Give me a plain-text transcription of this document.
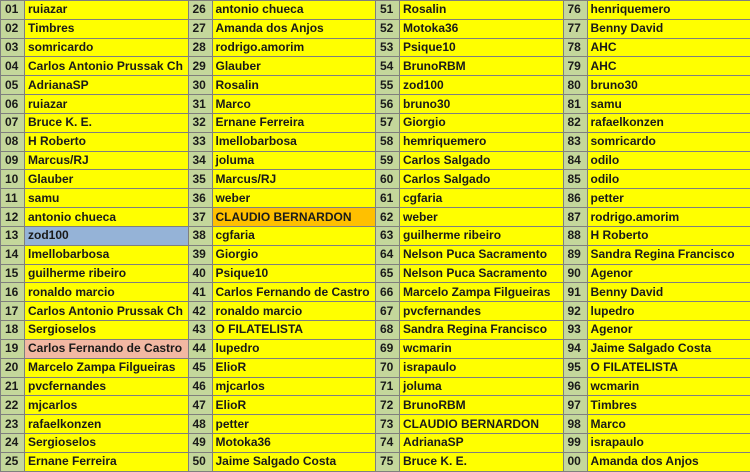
01	ruiazar	26	antonio chueca	51	Rosalin	76	henriquemero
02	Timbres	27	Amanda dos Anjos	52	Motoka36	77	Benny David
03	somricardo	28	rodrigo.amorim	53	Psique10	78	AHC
04	Carlos Antonio Prussak Ch	29	Glauber	54	BrunoRBM	79	AHC
05	AdrianaSP	30	Rosalin	55	zod100	80	bruno30
06	ruiazar	31	Marco	56	bruno30	81	samu
07	Bruce K. E.	32	Ernane Ferreira	57	Giorgio	82	rafaelkonzen
08	H Roberto	33	lmellobarbosa	58	hemriquemero	83	somricardo
09	Marcus/RJ	34	joluma	59	Carlos Salgado	84	odilo
10	Glauber	35	Marcus/RJ	60	Carlos Salgado	85	odilo
11	samu	36	weber	61	cgfaria	86	petter
12	antonio chueca	37	CLAUDIO BERNARDON	62	weber	87	rodrigo.amorim
13	zod100	38	cgfaria	63	guilherme ribeiro	88	H Roberto
14	lmellobarbosa	39	Giorgio	64	Nelson Puca Sacramento	89	Sandra Regina Francisco
15	guilherme ribeiro	40	Psique10	65	Nelson Puca Sacramento	90	Agenor
16	ronaldo marcio	41	Carlos Fernando de Castro	66	Marcelo Zampa Filgueiras	91	Benny David
17	Carlos Antonio Prussak Ch	42	ronaldo marcio	67	pvcfernandes	92	lupedro
18	Sergioselos	43	O FILATELISTA	68	Sandra Regina Francisco	93	Agenor
19	Carlos Fernando de Castro	44	lupedro	69	wcmarin	94	Jaime Salgado Costa
20	Marcelo Zampa Filgueiras	45	ElioR	70	israpaulo	95	O FILATELISTA
21	pvcfernandes	46	mjcarlos	71	joluma	96	wcmarin
22	mjcarlos	47	ElioR	72	BrunoRBM	97	Timbres
23	rafaelkonzen	48	petter	73	CLAUDIO BERNARDON	98	Marco
24	Sergioselos	49	Motoka36	74	AdrianaSP	99	israpaulo
25	Ernane Ferreira	50	Jaime Salgado Costa	75	Bruce K. E.	00	Amanda dos Anjos
